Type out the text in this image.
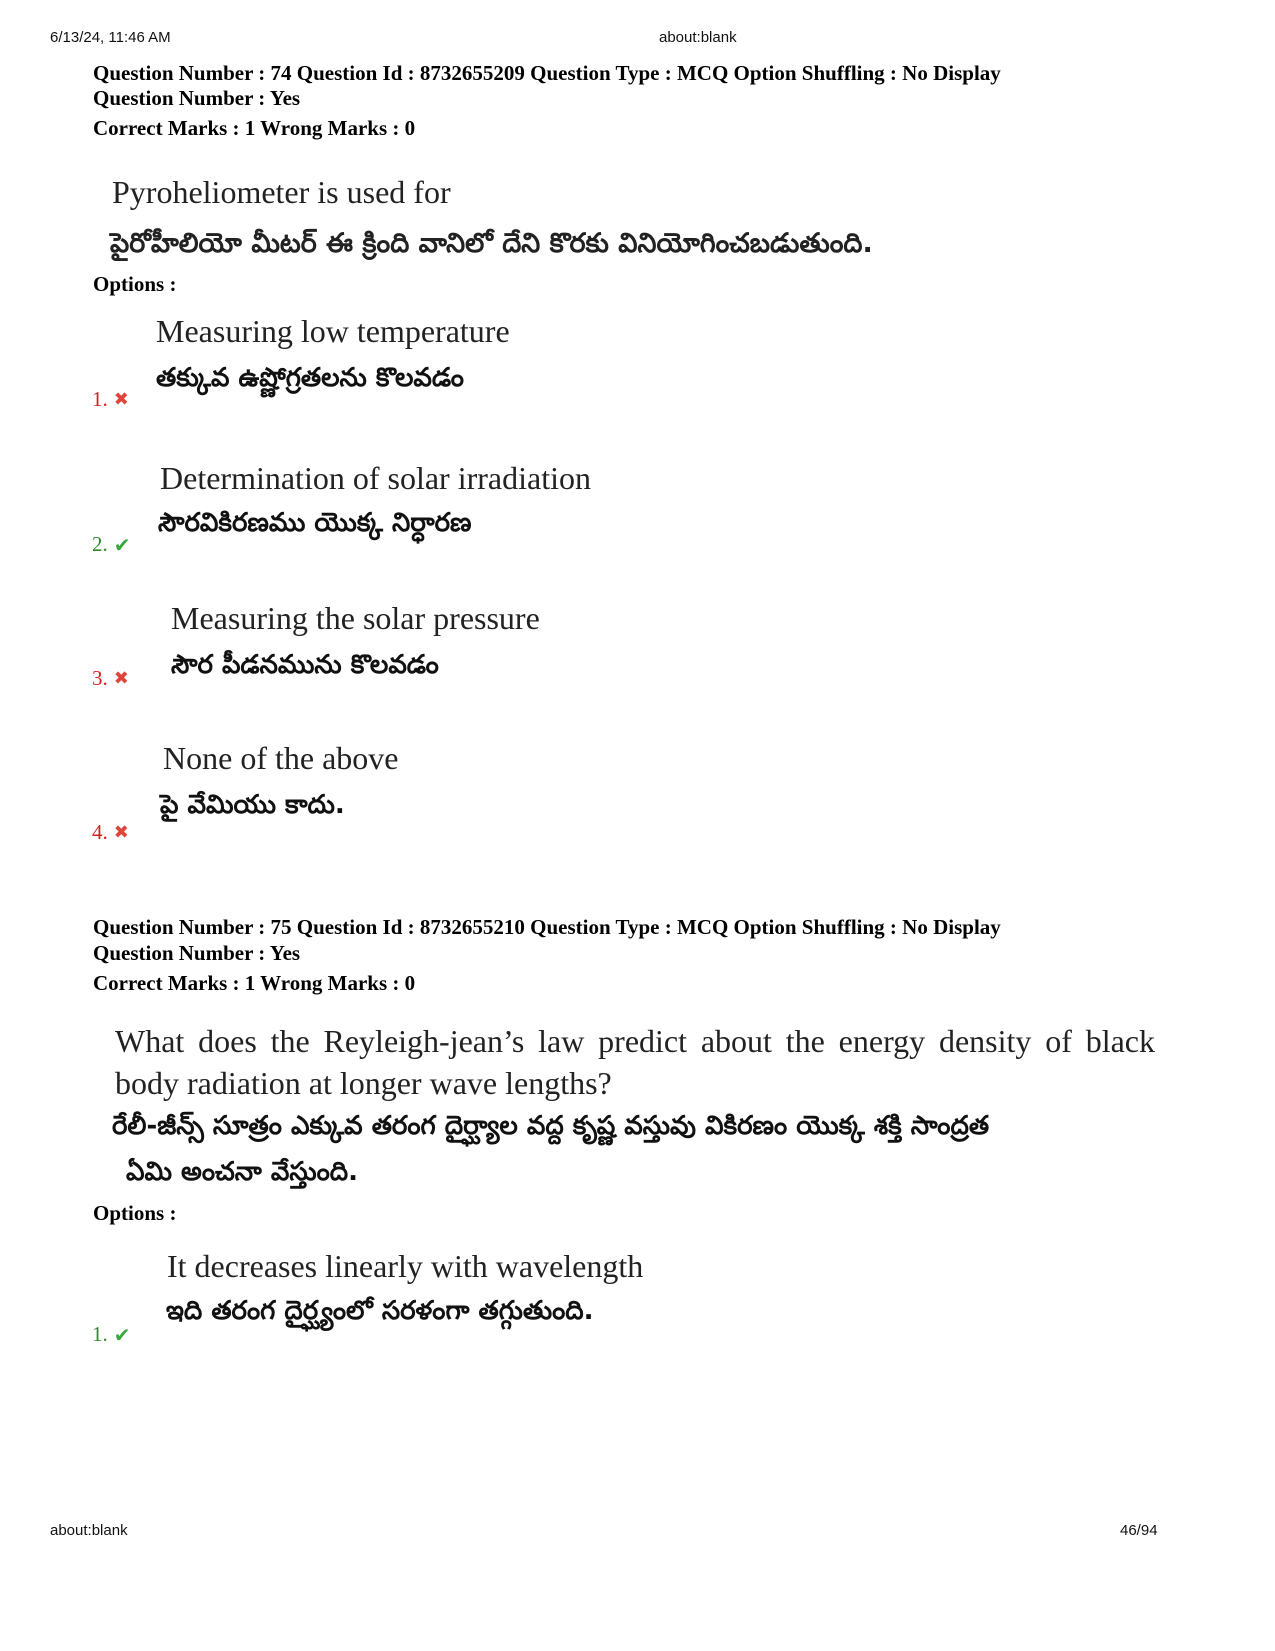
6/13/24, 11:46 AM	about:blank
Question Number : 74 Question Id : 8732655209 Question Type : MCQ Option Shuffling : No Display
Question Number : Yes
Correct Marks : 1 Wrong Marks : 0
Pyroheliometer is used for
పైరోహీలియో మీటర్ ఈ క్రింది వానిలో దేని కొరకు వినియోగించబడుతుంది.
Options :
Measuring low temperature
తక్కువ ఉష్ణోగ్రతలను కొలవడం
1. ✖
Determination of solar irradiation
సౌరవికిరణము యొక్క నిర్ధారణ
2. ✔
Measuring the solar pressure
సౌర పీడనమును కొలవడం
3. ✖
None of the above
పై వేమియు కాదు.
4. ✖
Question Number : 75 Question Id : 8732655210 Question Type : MCQ Option Shuffling : No Display
Question Number : Yes
Correct Marks : 1 Wrong Marks : 0
What does the Reyleigh-jean’s law predict about the energy density of black body radiation at longer wave lengths?
రేలీ-జీన్స్ సూత్రం ఎక్కువ తరంగ దైర్ఘ్యాల వద్ద కృష్ణ వస్తువు వికిరణం యొక్క శక్తి సాంద్రత
ఏమి అంచనా వేస్తుంది.
Options :
It decreases linearly with wavelength
ఇది తరంగ దైర్ఘ్యంలో సరళంగా తగ్గుతుంది.
1. ✔
about:blank	46/94
